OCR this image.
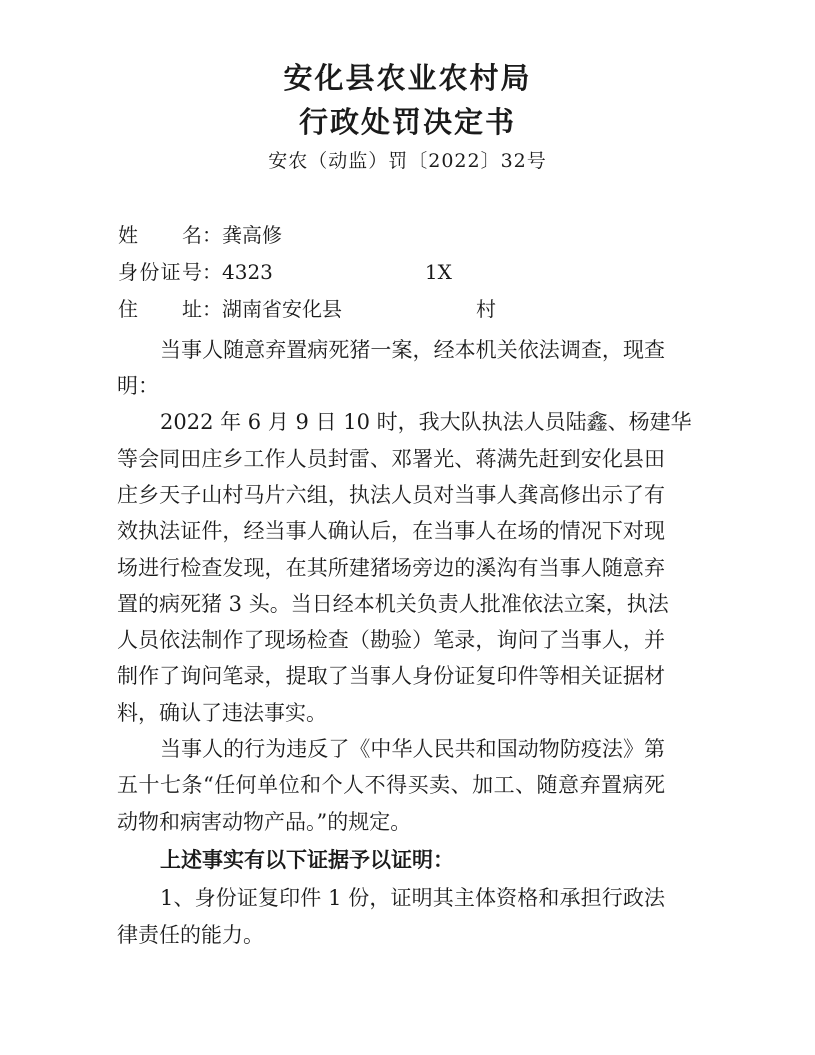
安化县农业农村局
行政处罚决定书
安农（动监）罚〔2022〕32号
姓名：龚高修
身份证号：4323	1X
住址：湖南省安化县	村
当事人随意弃置病死猪一案，经本机关依法调查，现查
明：
2022 年 6 月 9 日 10 时，我大队执法人员陆鑫、杨建华
等会同田庄乡工作人员封雷、邓署光、蒋满先赶到安化县田
庄乡天子山村马片六组，执法人员对当事人龚高修出示了有
效执法证件，经当事人确认后，在当事人在场的情况下对现
场进行检查发现，在其所建猪场旁边的溪沟有当事人随意弃
置的病死猪 3 头。当日经本机关负责人批准依法立案，执法
人员依法制作了现场检查（勘验）笔录，询问了当事人，并
制作了询问笔录，提取了当事人身份证复印件等相关证据材
料，确认了违法事实。
当事人的行为违反了《中华人民共和国动物防疫法》第
五十七条“任何单位和个人不得买卖、加工、随意弃置病死
动物和病害动物产品。”的规定。
上述事实有以下证据予以证明：
1、身份证复印件 1 份，证明其主体资格和承担行政法
律责任的能力。
